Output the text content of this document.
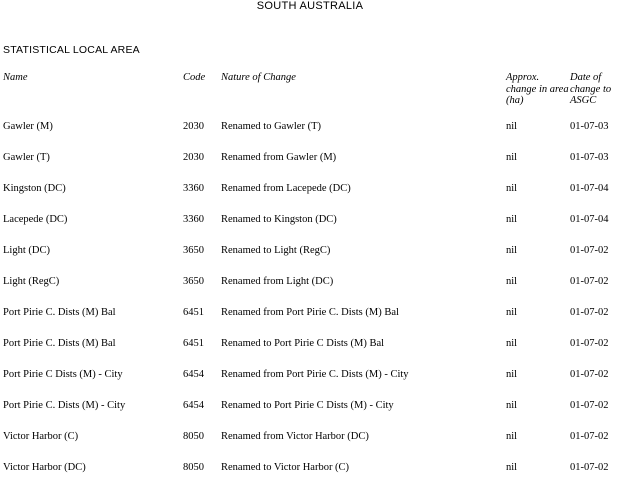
SOUTH AUSTRALIA
STATISTICAL LOCAL AREA
Name	Code	Nature of Change	Approx. change in area (ha)	Date of change to ASGC
Gawler (M)	2030	Renamed to Gawler (T)	nil	01-07-03
Gawler (T)	2030	Renamed from Gawler (M)	nil	01-07-03
Kingston (DC)	3360	Renamed from Lacepede (DC)	nil	01-07-04
Lacepede (DC)	3360	Renamed to Kingston (DC)	nil	01-07-04
Light (DC)	3650	Renamed to Light (RegC)	nil	01-07-02
Light (RegC)	3650	Renamed from Light (DC)	nil	01-07-02
Port Pirie C. Dists (M) Bal	6451	Renamed from Port Pirie C. Dists (M) Bal	nil	01-07-02
Port Pirie C. Dists (M) Bal	6451	Renamed to Port Pirie C Dists (M) Bal	nil	01-07-02
Port Pirie C Dists (M) - City	6454	Renamed from Port Pirie C. Dists (M) - City	nil	01-07-02
Port Pirie C. Dists (M) - City	6454	Renamed to Port Pirie C Dists (M) - City	nil	01-07-02
Victor Harbor (C)	8050	Renamed from Victor Harbor (DC)	nil	01-07-02
Victor Harbor (DC)	8050	Renamed to Victor Harbor (C)	nil	01-07-02
